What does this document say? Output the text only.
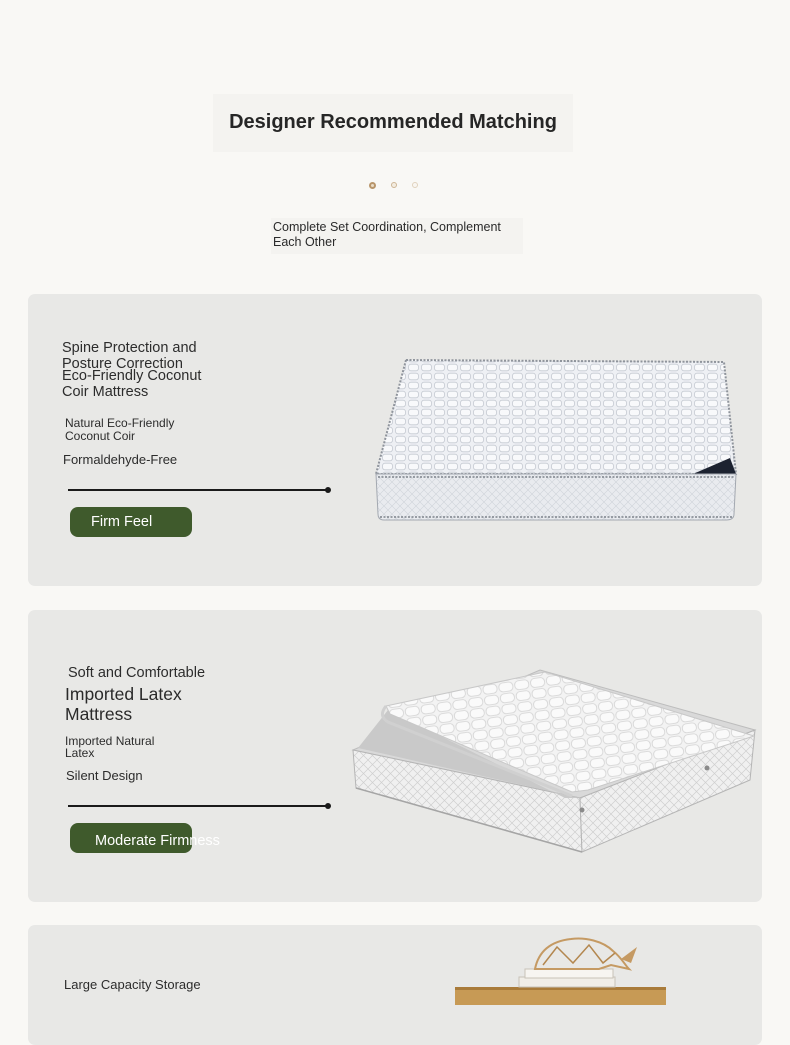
Designer Recommended Matching
Complete Set Coordination, Complement
Each Other
Spine Protection and
Posture Correction
Eco-Friendly Coconut
Coir Mattress
Natural Eco-Friendly
Coconut Coir
Formaldehyde-Free
Firm Feel
Soft and Comfortable
Imported Latex
Mattress
Imported Natural
Latex
Silent Design
Moderate Firmness
Large Capacity Storage
